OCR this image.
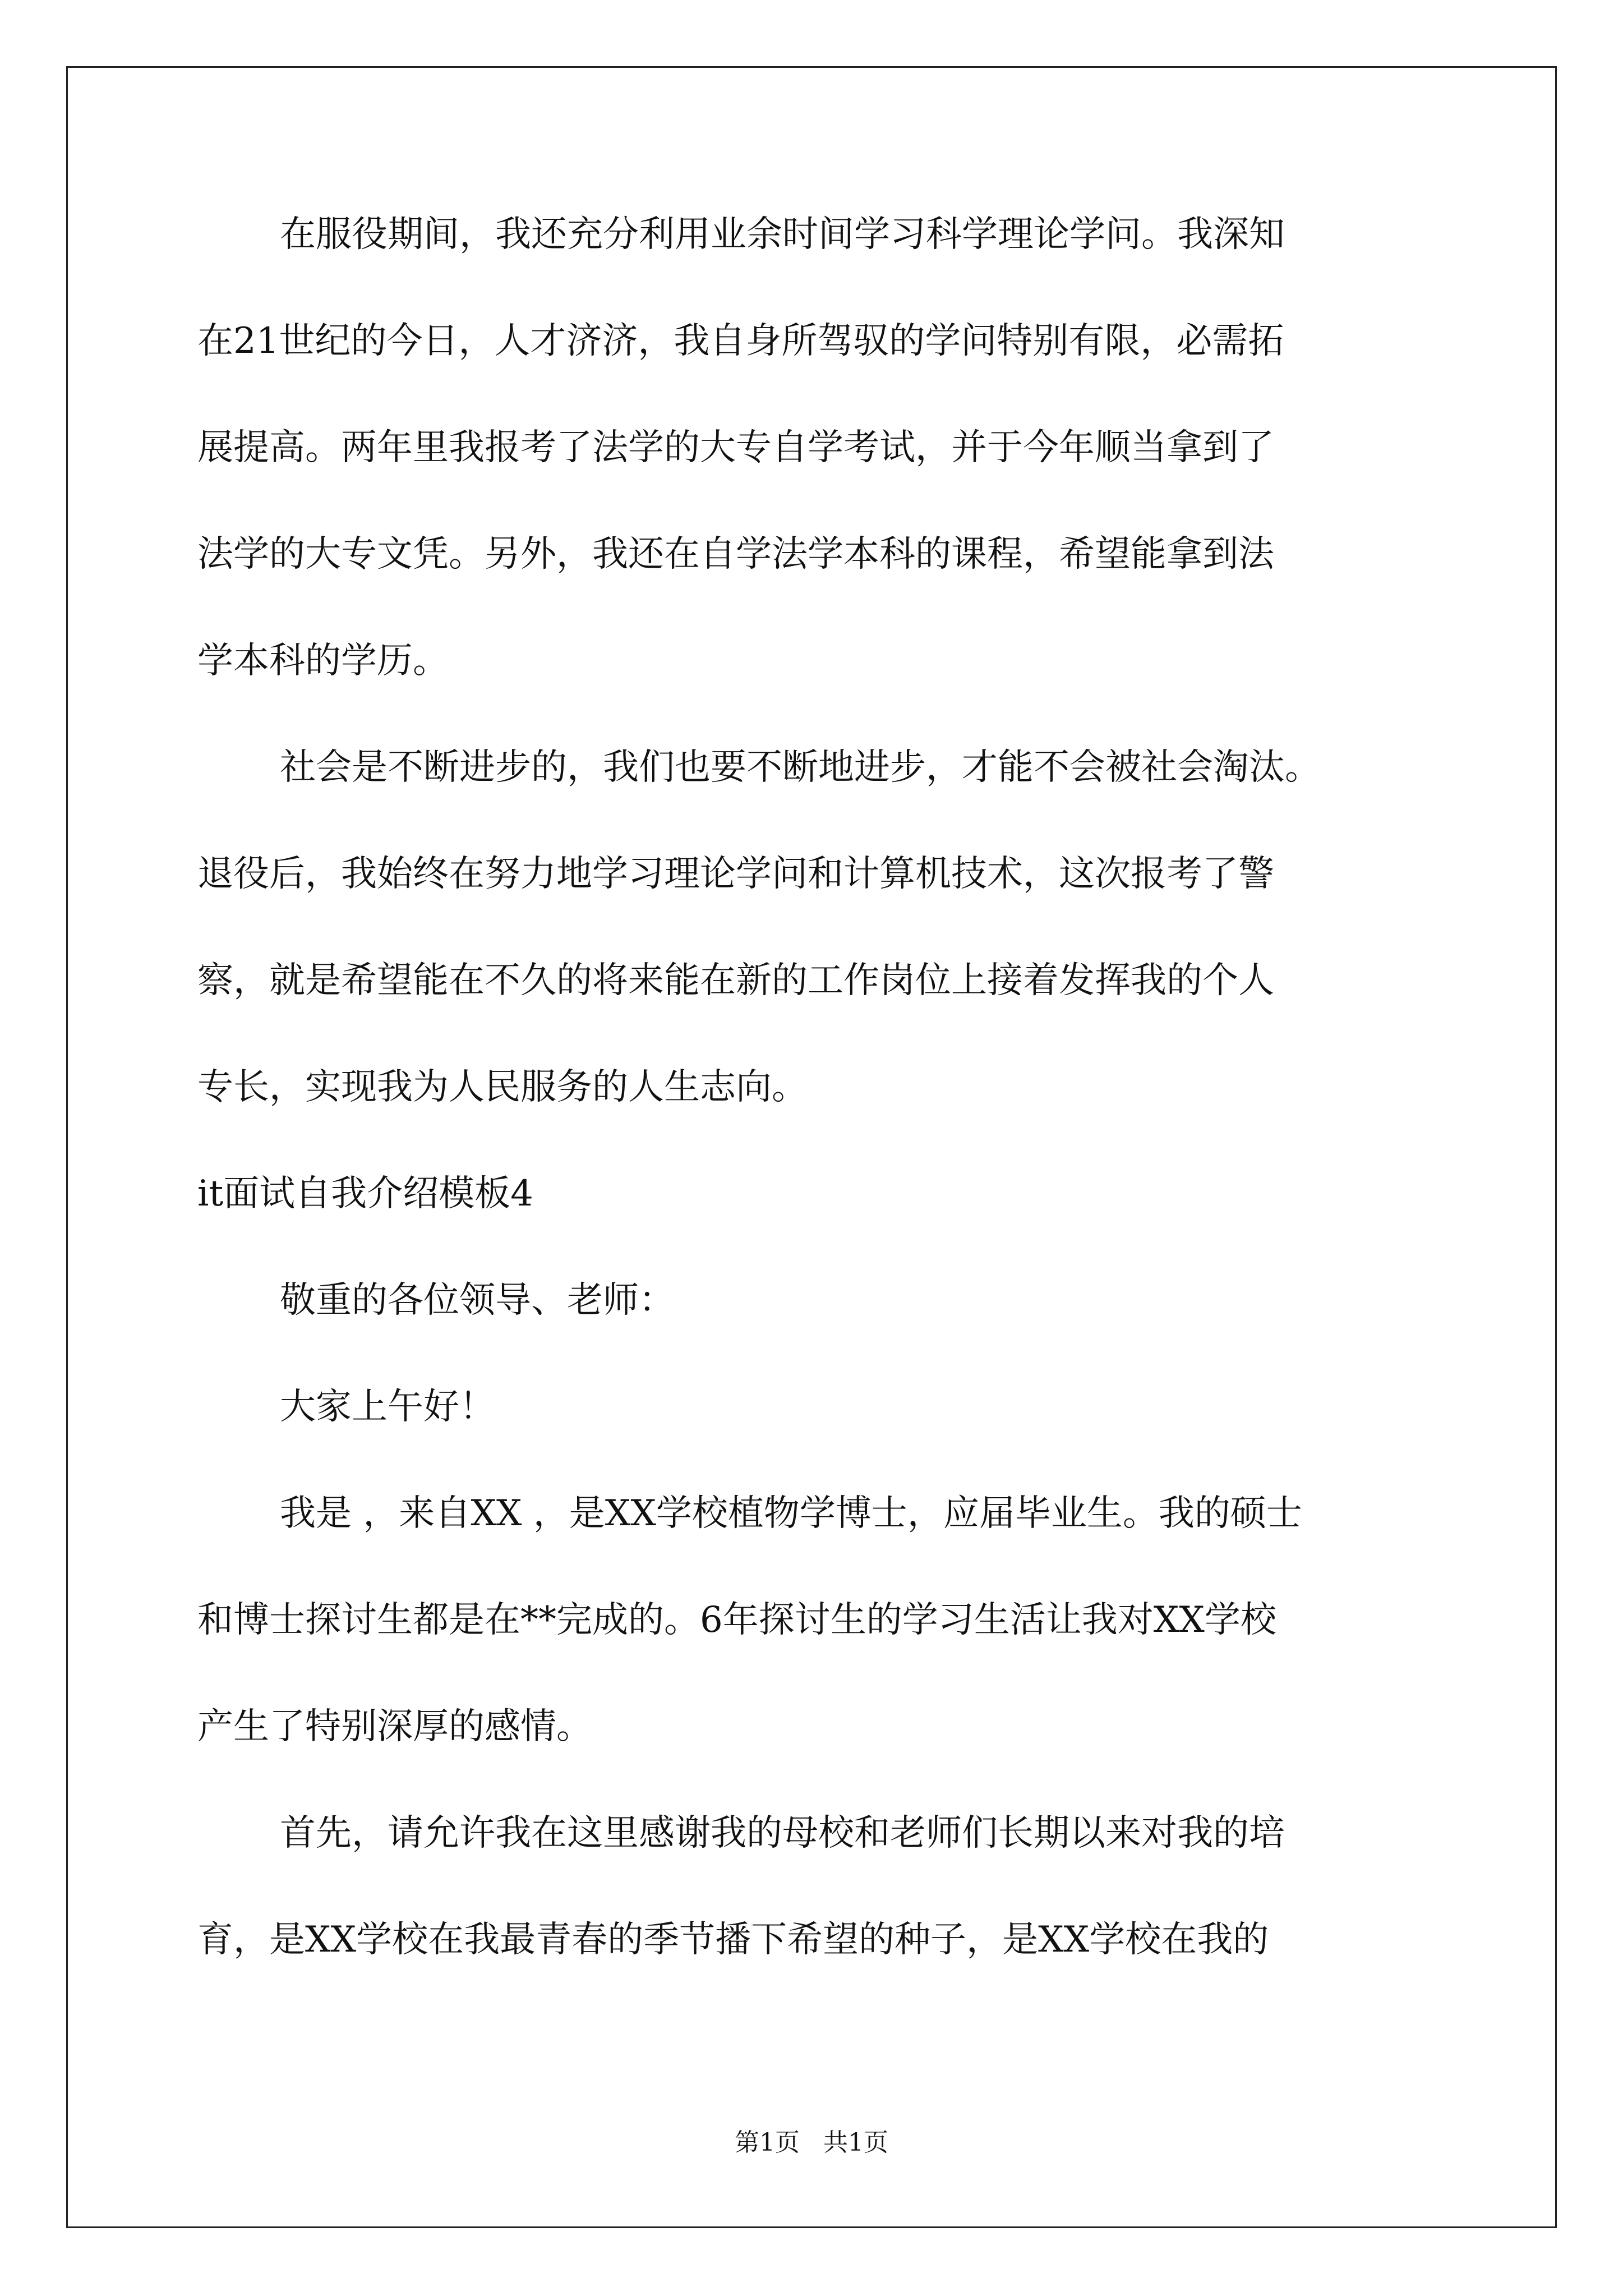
在服役期间，我还充分利用业余时间学习科学理论学问。我深知
在21世纪的今日，人才济济，我自身所驾驭的学问特别有限，必需拓
展提高。两年里我报考了法学的大专自学考试，并于今年顺当拿到了
法学的大专文凭。另外，我还在自学法学本科的课程，希望能拿到法
学本科的学历。
社会是不断进步的，我们也要不断地进步，才能不会被社会淘汰。
退役后，我始终在努力地学习理论学问和计算机技术，这次报考了警
察，就是希望能在不久的将来能在新的工作岗位上接着发挥我的个人
专长，实现我为人民服务的人生志向。
it面试自我介绍模板4
敬重的各位领导、老师：
大家上午好！
我是 ，来自XX ，是XX学校植物学博士，应届毕业生。我的硕士
和博士探讨生都是在**完成的。6年探讨生的学习生活让我对XX学校
产生了特别深厚的感情。
首先，请允许我在这里感谢我的母校和老师们长期以来对我的培
育，是XX学校在我最青春的季节播下希望的种子，是XX学校在我的
第1页 共1页
